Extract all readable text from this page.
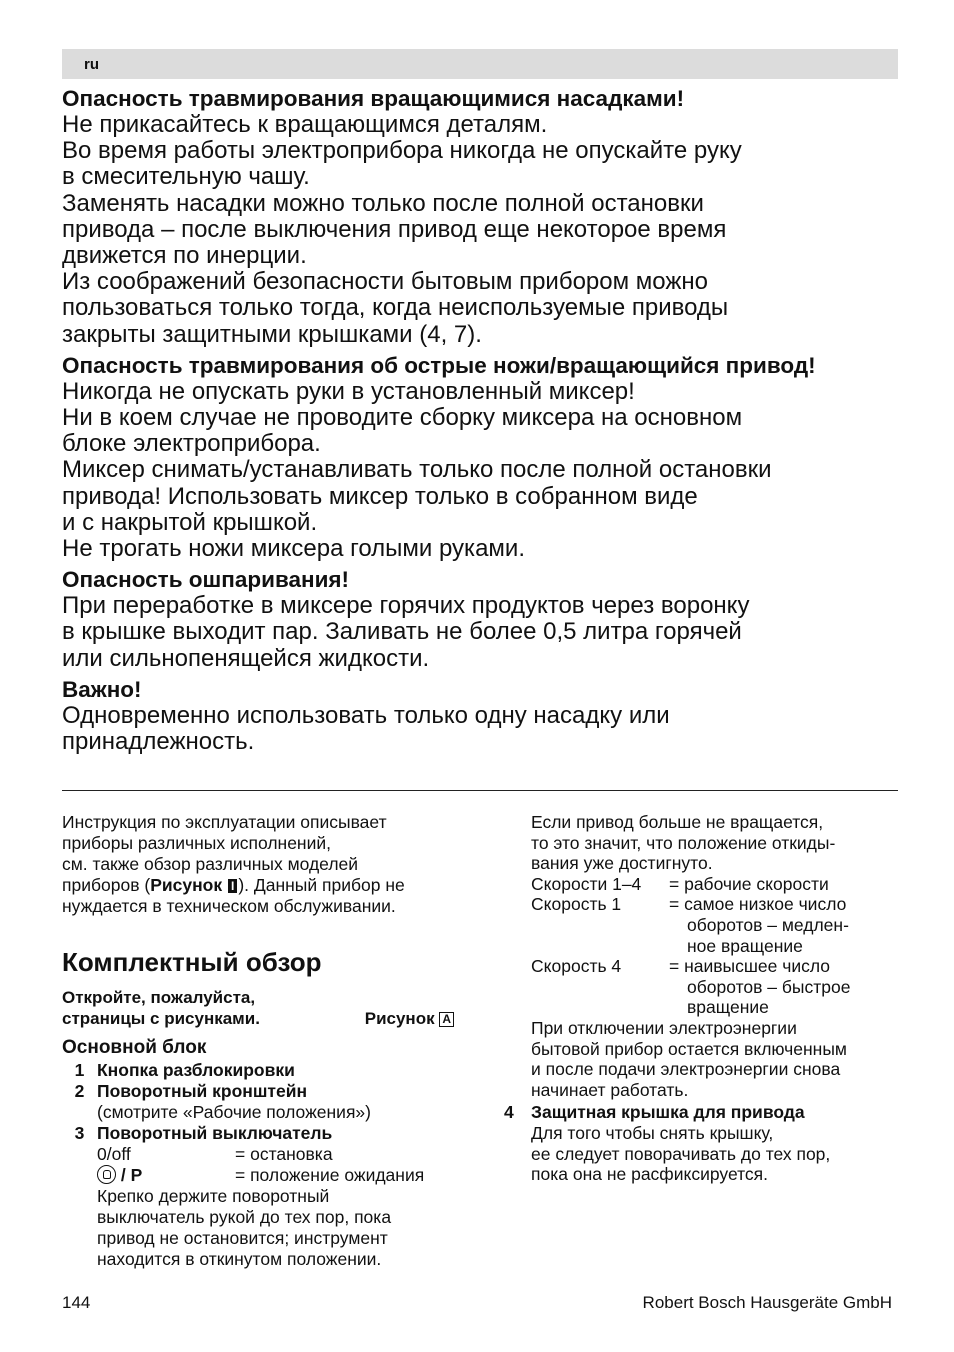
ru
Опасность травмирования вращающимися насадками!

Не прикасайтесь к вращающимся деталям.

Во время работы электроприбора никогда не опускайте руку

в смесительную чашу.

Заменять насадки можно только после полной остановки

привода – после выключения привод еще некоторое время

движется по инерции.

Из соображений безопасности бытовым прибором можно

пользоваться только тогда, когда неиспользуемые приводы

закрыты защитными крышками (4, 7).

Опасность травмирования об острые ножи/вращающийся привод!

Никогда не опускать руки в установленный миксер!

Ни в коем случае не проводите сборку миксера на основном

блоке электроприбора.

Миксер снимать/устанавливать только после полной остановки

привода! Использовать миксер только в собранном виде

и с накрытой крышкой.

Не трогать ножи миксера голыми руками.

Опасность ошпаривания!

При переработке в миксере горячих продуктов через воронку

в крышке выходит пар. Заливать не более 0,5 литра горячей

или сильнопенящейся жидкости.

Важно!

Одновременно использовать только одну насадку или

принадлежность.

Инструкция по эксплуатации описывает

приборы различных исполнений,

см. также обзор различных моделей

приборов (Рисунок I ). Данный прибор не

нуждается в техническом обслуживании.

Комплектный обзор
Откройте, пожалуйста,
страницы с рисунками.	Рисунок A
Основной блок
1 Кнопка разблокировки
2 Поворотный кронштейн
(смотрите «Рабочие положения»)
3 Поворотный выключатель
0/off	= остановка
/ P	= положение ожидания
Крепко держите поворотный
выключатель рукой до тех пор, пока
привод не остановится; инструмент
находится в откинутом положении.

Если привод больше не вращается,

то это значит, что положение откиды-

вания уже достигнуто.

Скорости 1–4	= рабочие скорости
Скорость 1	= самое низкое число
оборотов – медлен-
ное вращение
Скорость 4	= наивысшее число
оборотов – быстрое
вращение

При отключении электроэнергии

бытовой прибор остается включенным

и после подачи электроэнергии снова

начинает работать.

4 Защитная крышка для привода
Для того чтобы снять крышку,
ее следует поворачивать до тех пор,
пока она не расфиксируется.
144	Robert Bosch Hausgeräte GmbH
